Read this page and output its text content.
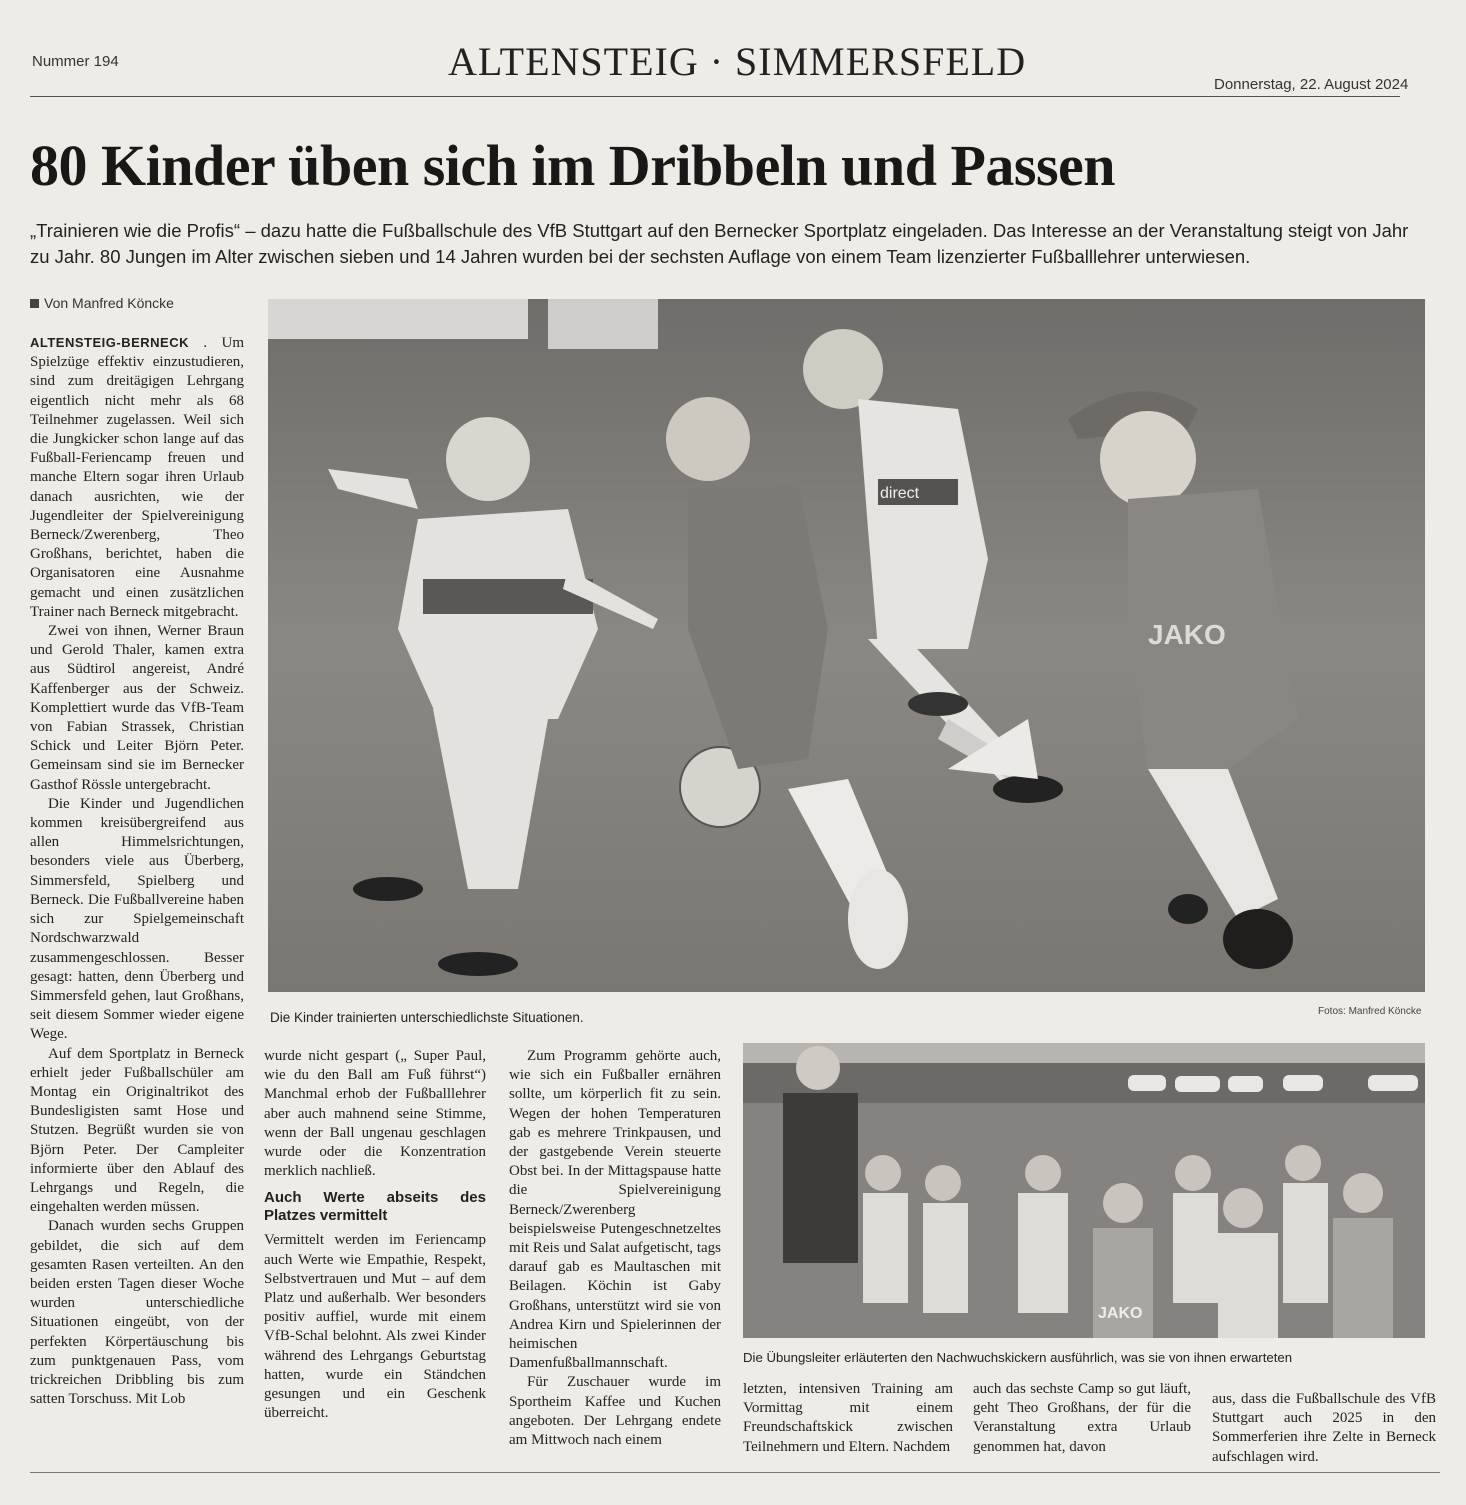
Nummer 194	ALTENSTEIG · SIMMERSFELD
Donnerstag, 22. August 2024
80 Kinder üben sich im Dribbeln und Passen
„Trainieren wie die Profis“ – dazu hatte die Fußballschule des VfB Stuttgart auf den Bernecker Sportplatz eingeladen. Das Interesse an der Veranstaltung steigt von Jahr zu Jahr. 80 Jungen im Alter zwischen sieben und 14 Jahren wurden bei der sechsten Auflage von einem Team lizenzierter Fußballlehrer unterwiesen.
Von Manfred Köncke

ALTENSTEIG-BERNECK . Um Spielzüge effektiv einzustudieren, sind zum dreitägigen Lehrgang eigentlich nicht mehr als 68 Teilnehmer zugelassen. Weil sich die Jungkicker schon lange auf das Fußball-Feriencamp freuen und manche Eltern sogar ihren Urlaub danach ausrichten, wie der Jugendleiter der Spielvereinigung Berneck/Zwerenberg, Theo Großhans, berichtet, haben die Organisatoren eine Ausnahme gemacht und einen zusätzlichen Trainer nach Berneck mitgebracht.

Zwei von ihnen, Werner Braun und Gerold Thaler, kamen extra aus Südtirol angereist, André Kaffenberger aus der Schweiz. Komplettiert wurde das VfB-Team von Fabian Strassek, Christian Schick und Leiter Björn Peter. Gemeinsam sind sie im Bernecker Gasthof Rössle untergebracht.

Die Kinder und Jugendlichen kommen kreisübergreifend aus allen Himmelsrichtungen, besonders viele aus Überberg, Simmersfeld, Spielberg und Berneck. Die Fußballvereine haben sich zur Spielgemeinschaft Nordschwarzwald zusammengeschlossen. Besser gesagt: hatten, denn Überberg und Simmersfeld gehen, laut Großhans, seit diesem Sommer wieder eigene Wege.

Auf dem Sportplatz in Berneck erhielt jeder Fußballschüler am Montag ein Originaltrikot des Bundesligisten samt Hose und Stutzen. Begrüßt wurden sie von Björn Peter. Der Campleiter informierte über den Ablauf des Lehrgangs und Regeln, die eingehalten werden müssen.

Danach wurden sechs Gruppen gebildet, die sich auf dem gesamten Rasen verteilten. An den beiden ersten Tagen dieser Woche wurden unterschiedliche Situationen eingeübt, von der perfekten Körpertäuschung bis zum punktgenauen Pass, vom trickreichen Dribbling bis zum satten Torschuss. Mit Lob

direct
JAKO
Die Kinder trainierten unterschiedlichste Situationen.	Fotos: Manfred Köncke

wurde nicht gespart („ Super Paul, wie du den Ball am Fuß führst“) Manchmal erhob der Fußballlehrer aber auch mahnend seine Stimme, wenn der Ball ungenau geschlagen wurde oder die Konzentration merklich nachließ.

Auch Werte abseits des Platzes vermittelt

Vermittelt werden im Feriencamp auch Werte wie Empathie, Respekt, Selbstvertrauen und Mut – auf dem Platz und außerhalb. Wer besonders positiv auffiel, wurde mit einem VfB-Schal belohnt. Als zwei Kinder während des Lehrgangs Geburtstag hatten, wurde ein Ständchen gesungen und ein Geschenk überreicht.

Zum Programm gehörte auch, wie sich ein Fußballer ernähren sollte, um körperlich fit zu sein. Wegen der hohen Temperaturen gab es mehrere Trinkpausen, und der gastgebende Verein steuerte Obst bei. In der Mittagspause hatte die Spielvereinigung Berneck/Zwerenberg beispielsweise Putengeschnetzeltes mit Reis und Salat aufgetischt, tags darauf gab es Maultaschen mit Beilagen. Köchin ist Gaby Großhans, unterstützt wird sie von Andrea Kirn und Spielerinnen der heimischen Damenfußballmannschaft.

Für Zuschauer wurde im Sportheim Kaffee und Kuchen angeboten. Der Lehrgang endete am Mittwoch nach einem

JAKO
Die Übungsleiter erläuterten den Nachwuchskickern ausführlich, was sie von ihnen erwarteten

letzten, intensiven Training am Vormittag mit einem Freundschaftskick zwischen Teilnehmern und Eltern. Nachdem

auch das sechste Camp so gut läuft, geht Theo Großhans, der für die Veranstaltung extra Urlaub genommen hat, davon

aus, dass die Fußballschule des VfB Stuttgart auch 2025 in den Sommerferien ihre Zelte in Berneck aufschlagen wird.
